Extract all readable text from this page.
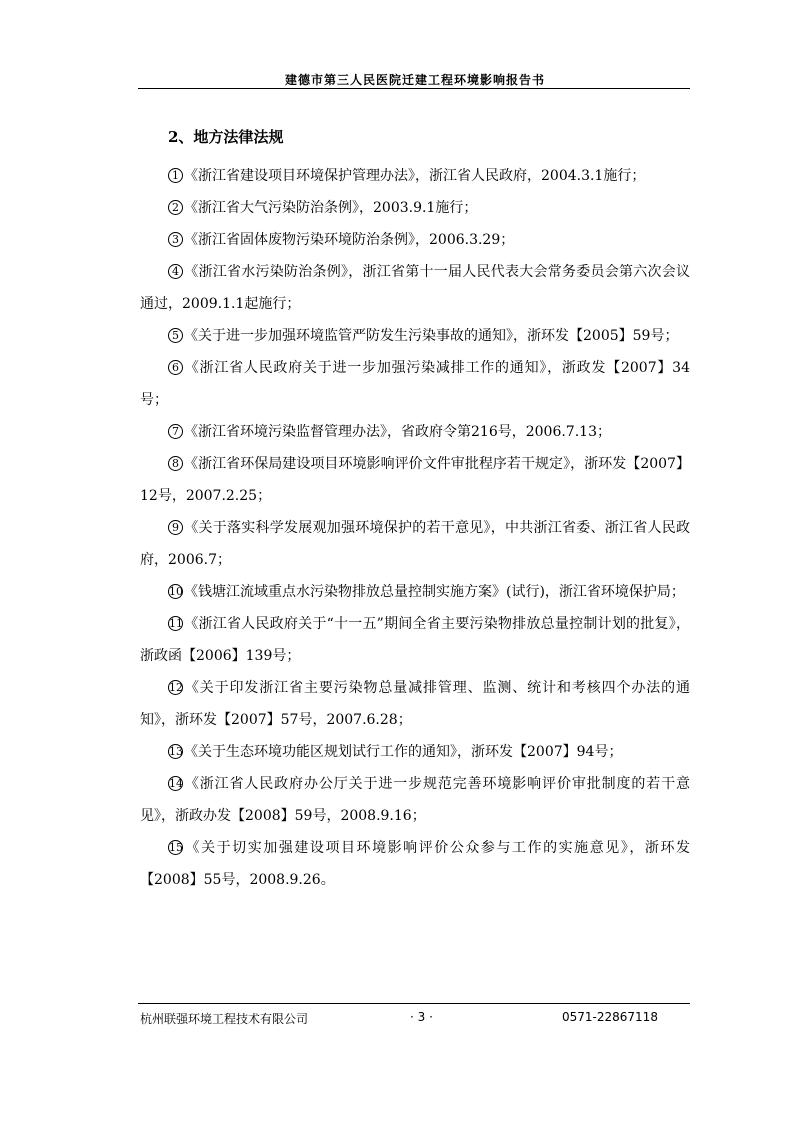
建德市第三人民医院迁建工程环境影响报告书
2、地方法律法规

1 《浙江省建设项目环境保护管理办法》，浙江省人民政府，2004.3.1施行；

2 《浙江省大气污染防治条例》，2003.9.1施行；

3 《浙江省固体废物污染环境防治条例》，2006.3.29；

4 《浙江省水污染防治条例》，浙江省第十一届人民代表大会常务委员会第六次会议通过，2009.1.1起施行；

5 《关于进一步加强环境监管严防发生污染事故的通知》，浙环发【2005】59号；

6 《浙江省人民政府关于进一步加强污染减排工作的通知》，浙政发【2007】34号；

7 《浙江省环境污染监督管理办法》，省政府令第216号，2006.7.13；

8 《浙江省环保局建设项目环境影响评价文件审批程序若干规定》，浙环发【2007】12号，2007.2.25；

9 《关于落实科学发展观加强环境保护的若干意见》，中共浙江省委、浙江省人民政府，2006.7；

10《钱塘江流域重点水污染物排放总量控制实施方案》(试行)，浙江省环境保护局；

11《浙江省人民政府关于“十一五”期间全省主要污染物排放总量控制计划的批复》，浙政函【2006】139号；

12《关于印发浙江省主要污染物总量减排管理、监测、统计和考核四个办法的通知》，浙环发【2007】57号，2007.6.28；

13《关于生态环境功能区规划试行工作的通知》，浙环发【2007】94号；

14《浙江省人民政府办公厅关于进一步规范完善环境影响评价审批制度的若干意见》，浙政办发【2008】59号，2008.9.16；

15《关于切实加强建设项目环境影响评价公众参与工作的实施意见》，浙环发【2008】55号，2008.9.26。

杭州联强环境工程技术有限公司	· 3 ·	0571-22867118
